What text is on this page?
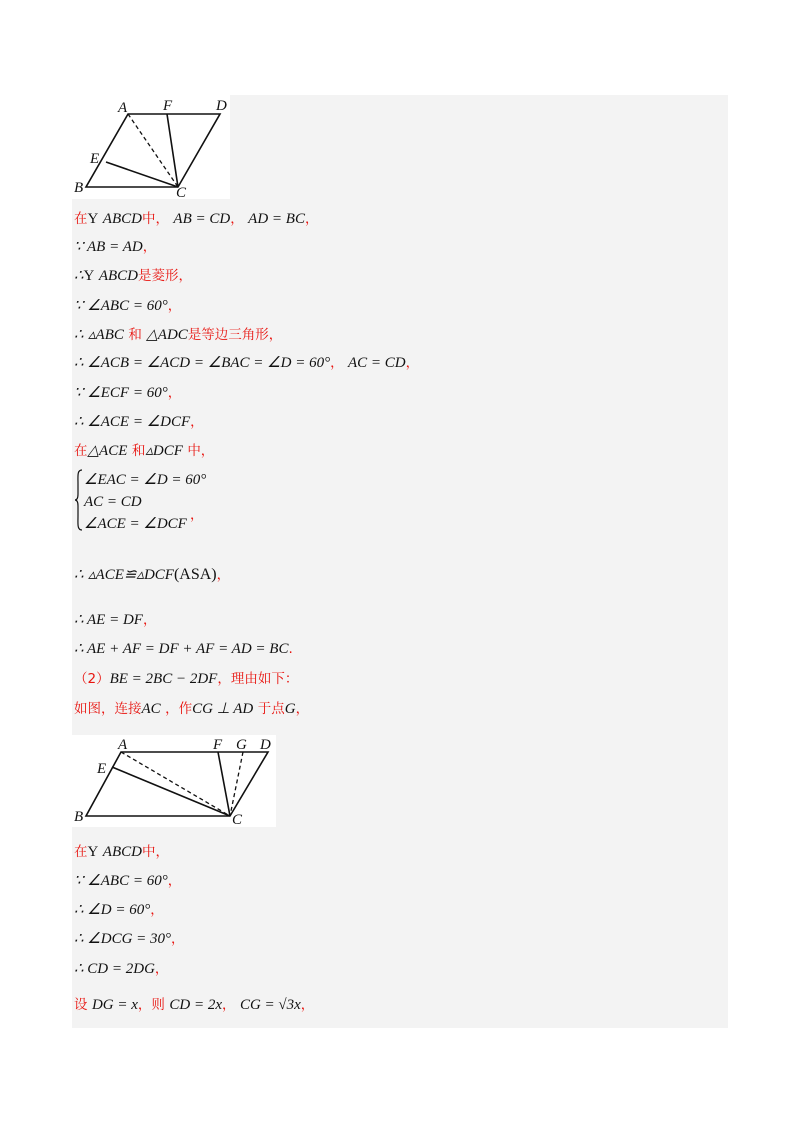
A F	D
E
B	C
在Y ABCD中， AB = CD， AD = BC，
∵ AB = AD，
∴Y ABCD是菱形，
∵ ∠ABC = 60°，
∴ ▵ABC 和 △ADC是等边三角形，
∴ ∠ACB = ∠ACD = ∠BAC = ∠D = 60°， AC = CD，
∵ ∠ECF = 60°，
∴ ∠ACE = ∠DCF，
在△ACE 和▵DCF 中，
∠EAC = ∠D = 60°
AC = CD
∠ACE = ∠DCF
，
∴ ▵ACE≌▵DCF(ASA)，
∴ AE = DF，
∴ AE + AF = DF + AF = AD = BC.
（2）BE = 2BC − 2DF，理由如下：
如图，连接AC ，作CG ⊥ AD 于点G，
A	F G D
E
B	C
在Y ABCD中，
∵ ∠ABC = 60°，
∴ ∠D = 60°，
∴ ∠DCG = 30°，
∴ CD = 2DG，
设 DG = x，则 CD = 2x， CG = √3x，
